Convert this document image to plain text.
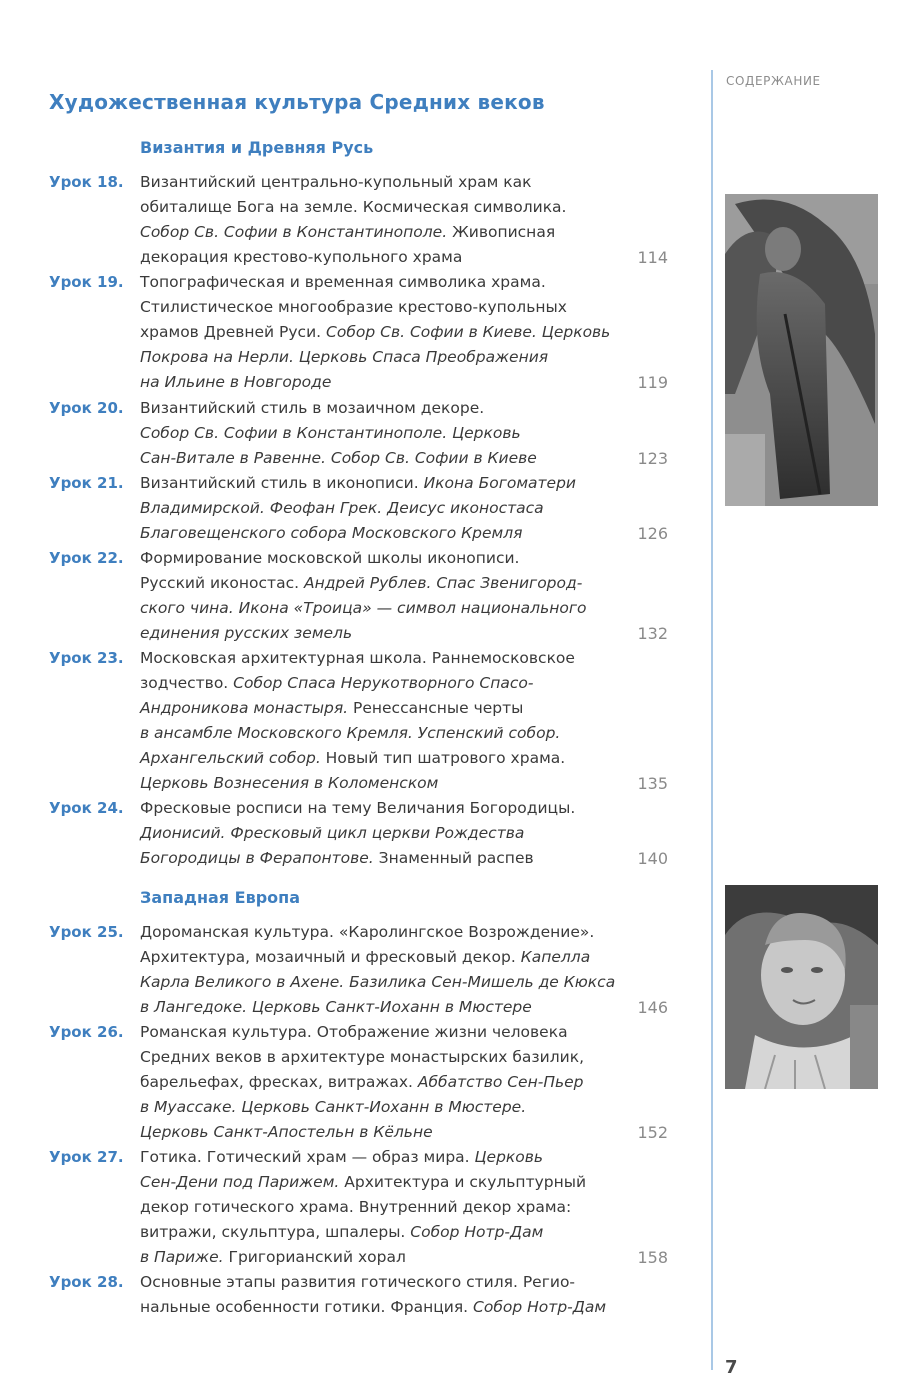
СОДЕРЖАНИЕ
Художественная культура Средних веков
Византия и Древняя Русь
Западная Европа
Урок 18. Византийский центрально-купольный храм как
обиталище Бога на земле. Космическая символика.
Собор Св. Софии в Константинополе. Живописная
декорация крестово-купольного храма	114
Урок 19. Топографическая и временная символика храма.
Стилистическое многообразие крестово-купольных
храмов Древней Руси. Собор Св. Софии в Киеве. Церковь
Покрова на Нерли. Церковь Спаса Преображения
на Ильине в Новгороде	119
Урок 20. Византийский стиль в мозаичном декоре.
Собор Св. Софии в Константинополе. Церковь
Сан-Витале в Равенне. Собор Св. Софии в Киеве	123
Урок 21. Византийский стиль в иконописи. Икона Богоматери
Владимирской. Феофан Грек. Деисус иконостаса
Благовещенского собора Московского Кремля	126
Урок 22. Формирование московской школы иконописи.
Русский иконостас. Андрей Рублев. Спас Звенигород-
ского чина. Икона «Троица» — символ национального
единения русских земель	132
Урок 23. Московская архитектурная школа. Раннемосковское
зодчество. Собор Спаса Нерукотворного Спасо-
Андроникова монастыря. Ренессансные черты
в ансамбле Московского Кремля. Успенский собор.
Архангельский собор. Новый тип шатрового храма.
Церковь Вознесения в Коломенском	135
Урок 24. Фресковые росписи на тему Величания Богородицы.
Дионисий. Фресковый цикл церкви Рождества
Богородицы в Ферапонтове. Знаменный распев	140
Урок 25. Дороманская культура. «Каролингское Возрождение».
Архитектура, мозаичный и фресковый декор. Капелла
Карла Великого в Ахене. Базилика Сен-Мишель де Кюкса
в Лангедоке. Церковь Санкт-Иоханн в Мюстере	146
Урок 26. Романская культура. Отображение жизни человека
Средних веков в архитектуре монастырских базилик,
барельефах, фресках, витражах. Аббатство Сен-Пьер
в Муассаке. Церковь Санкт-Иоханн в Мюстере.
Церковь Санкт-Апостельн в Кёльне	152
Урок 27. Готика. Готический храм — образ мира. Церковь
Сен-Дени под Парижем. Архитектура и скульптурный
декор готического храма. Внутренний декор храма:
витражи, скульптура, шпалеры. Собор Нотр-Дам
в Париже. Григорианский хорал	158
Урок 28. Основные этапы развития готического стиля. Регио-
нальные особенности готики. Франция. Собор Нотр-Дам
7
